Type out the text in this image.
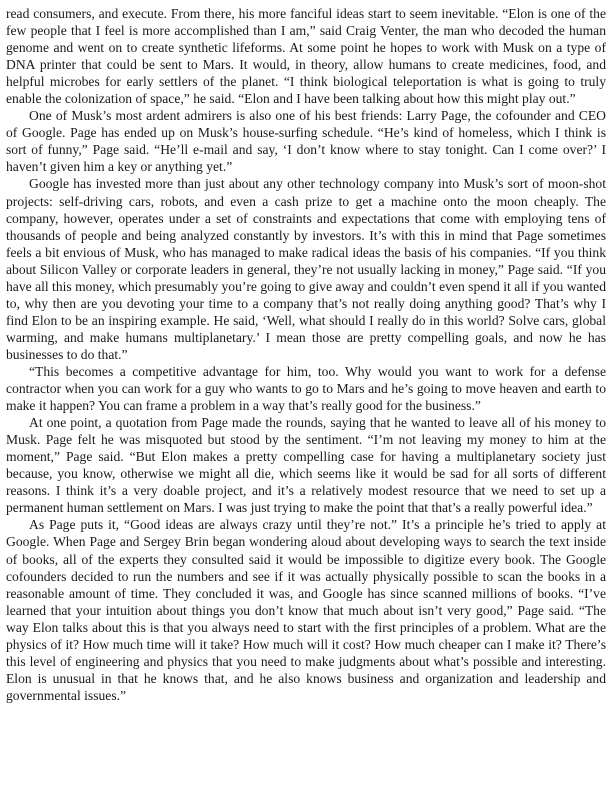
read consumers, and execute. From there, his more fanciful ideas start to seem inevitable. “Elon is one of the few people that I feel is more accomplished than I am,” said Craig Venter, the man who decoded the human genome and went on to create synthetic lifeforms. At some point he hopes to work with Musk on a type of DNA printer that could be sent to Mars. It would, in theory, allow humans to create medicines, food, and helpful microbes for early settlers of the planet. “I think biological teleportation is what is going to truly enable the colonization of space,” he said. “Elon and I have been talking about how this might play out.”

One of Musk’s most ardent admirers is also one of his best friends: Larry Page, the cofounder and CEO of Google. Page has ended up on Musk’s house-surfing schedule. “He’s kind of homeless, which I think is sort of funny,” Page said. “He’ll e-mail and say, ‘I don’t know where to stay tonight. Can I come over?’ I haven’t given him a key or anything yet.”

Google has invested more than just about any other technology company into Musk’s sort of moon-shot projects: self-driving cars, robots, and even a cash prize to get a machine onto the moon cheaply. The company, however, operates under a set of constraints and expectations that come with employing tens of thousands of people and being analyzed constantly by investors. It’s with this in mind that Page sometimes feels a bit envious of Musk, who has managed to make radical ideas the basis of his companies. “If you think about Silicon Valley or corporate leaders in general, they’re not usually lacking in money,” Page said. “If you have all this money, which presumably you’re going to give away and couldn’t even spend it all if you wanted to, why then are you devoting your time to a company that’s not really doing anything good? That’s why I find Elon to be an inspiring example. He said, ‘Well, what should I really do in this world? Solve cars, global warming, and make humans multiplanetary.’ I mean those are pretty compelling goals, and now he has businesses to do that.”

“This becomes a competitive advantage for him, too. Why would you want to work for a defense contractor when you can work for a guy who wants to go to Mars and he’s going to move heaven and earth to make it happen? You can frame a problem in a way that’s really good for the business.”

At one point, a quotation from Page made the rounds, saying that he wanted to leave all of his money to Musk. Page felt he was misquoted but stood by the sentiment. “I’m not leaving my money to him at the moment,” Page said. “But Elon makes a pretty compelling case for having a multiplanetary society just because, you know, otherwise we might all die, which seems like it would be sad for all sorts of different reasons. I think it’s a very doable project, and it’s a relatively modest resource that we need to set up a permanent human settlement on Mars. I was just trying to make the point that that’s a really powerful idea.”

As Page puts it, “Good ideas are always crazy until they’re not.” It’s a principle he’s tried to apply at Google. When Page and Sergey Brin began wondering aloud about developing ways to search the text inside of books, all of the experts they consulted said it would be impossible to digitize every book. The Google cofounders decided to run the numbers and see if it was actually physically possible to scan the books in a reasonable amount of time. They concluded it was, and Google has since scanned millions of books. “I’ve learned that your intuition about things you don’t know that much about isn’t very good,” Page said. “The way Elon talks about this is that you always need to start with the first principles of a problem. What are the physics of it? How much time will it take? How much will it cost? How much cheaper can I make it? There’s this level of engineering and physics that you need to make judgments about what’s possible and interesting. Elon is unusual in that he knows that, and he also knows business and organization and leadership and governmental issues.”
